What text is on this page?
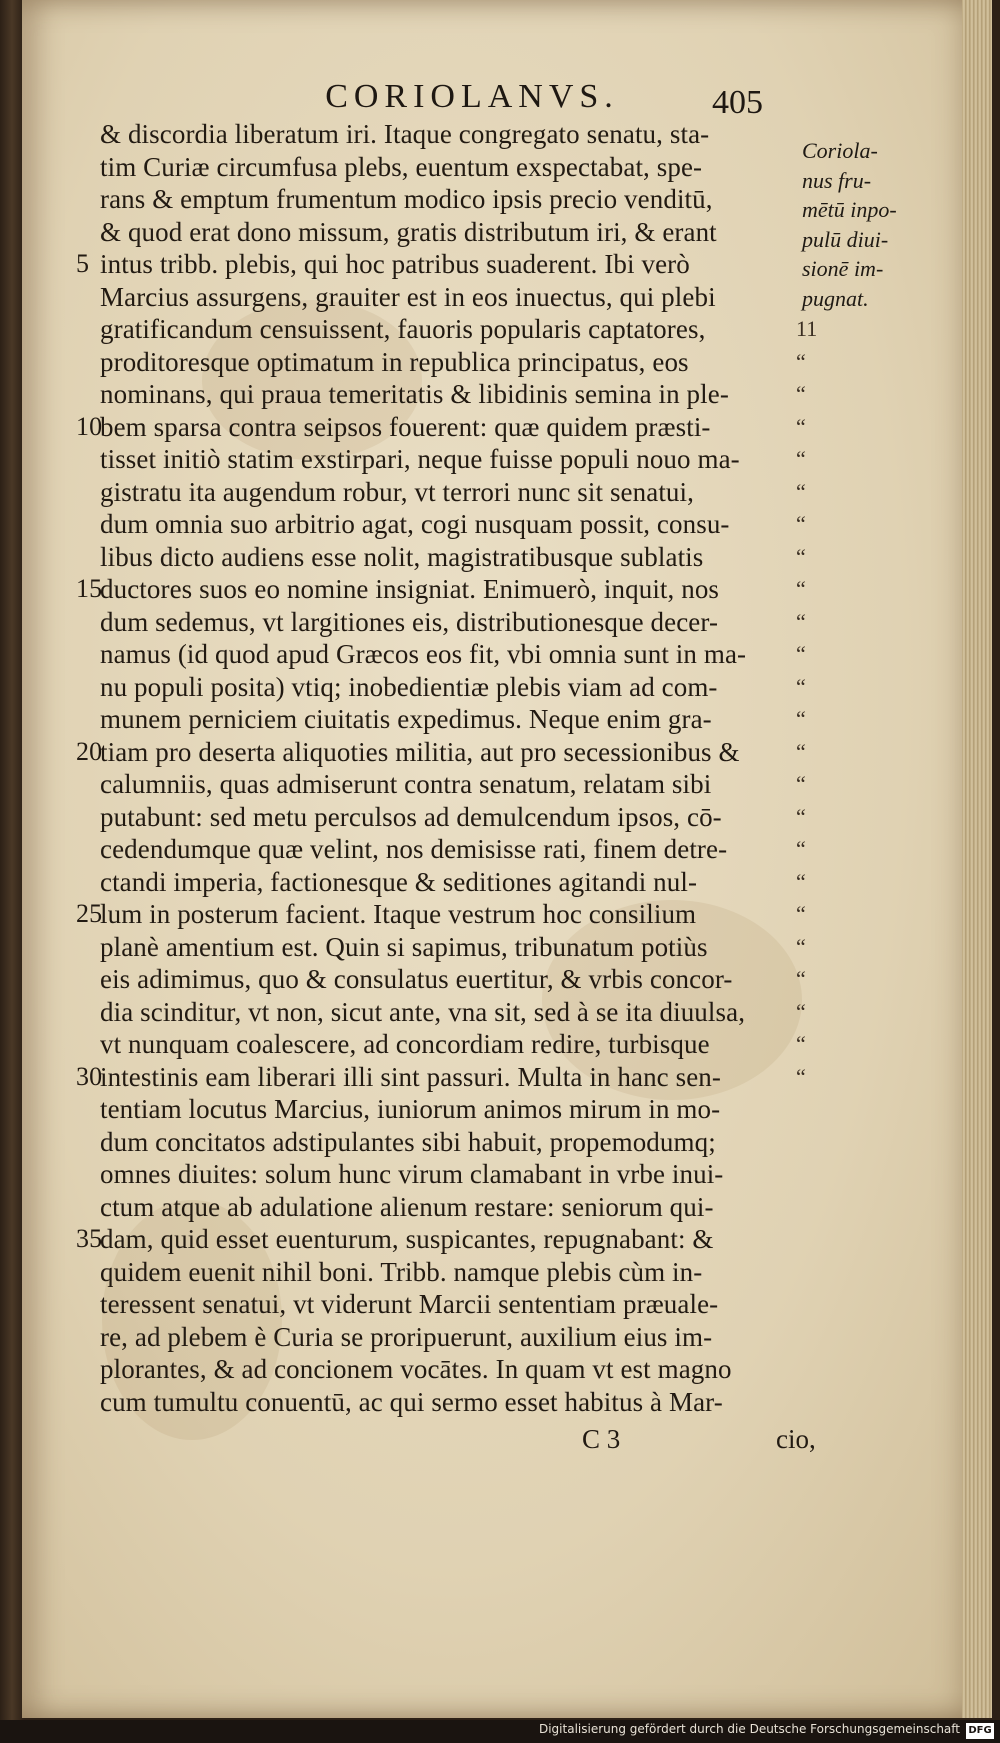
CORIOLANVS.	405
& discordia liberatum iri. Itaque congregato senatu, sta-
tim Curiæ circumfusa plebs, euentum exspectabat, spe-
rans & emptum frumentum modico ipsis precio venditū,
& quod erat dono missum, gratis distributum iri, & erant
5 intus tribb. plebis, qui hoc patribus suaderent. Ibi verò
Marcius assurgens, grauiter est in eos inuectus, qui plebi
gratificandum censuissent, fauoris popularis captatores,	11
proditoresque optimatum in republica principatus, eos	“
nominans, qui praua temeritatis & libidinis semina in ple-	“
10
bem sparsa contra seipsos fouerent: quæ quidem præsti-	“
tisset initiò statim exstirpari, neque fuisse populi nouo ma-	“
gistratu ita augendum robur, vt terrori nunc sit senatui,	“
dum omnia suo arbitrio agat, cogi nusquam possit, consu-	“
libus dicto audiens esse nolit, magistratibusque sublatis	“
15
ductores suos eo nomine insigniat. Enimuerò, inquit, nos	“
dum sedemus, vt largitiones eis, distributionesque decer-	“
namus (id quod apud Græcos eos fit, vbi omnia sunt in ma- “
nu populi posita) vtiq; inobedientiæ plebis viam ad com-	“
munem perniciem ciuitatis expedimus. Neque enim gra-	“
20
tiam pro deserta aliquoties militia, aut pro secessionibus &	“
calumniis, quas admiserunt contra senatum, relatam sibi	“
putabunt: sed metu perculsos ad demulcendum ipsos, cō-	“
cedendumque quæ velint, nos demisisse rati, finem detre-	“
ctandi imperia, factionesque & seditiones agitandi nul-	“
25
lum in posterum facient. Itaque vestrum hoc consilium	“
planè amentium est. Quin si sapimus, tribunatum potiùs	“
eis adimimus, quo & consulatus euertitur, & vrbis concor-	“
dia scinditur, vt non, sicut ante, vna sit, sed à se ita diuulsa, “
vt nunquam coalescere, ad concordiam redire, turbisque	“
30
intestinis eam liberari illi sint passuri. Multa in hanc sen-	“
tentiam locutus Marcius, iuniorum animos mirum in mo-
dum concitatos adstipulantes sibi habuit, propemodumq;
omnes diuites: solum hunc virum clamabant in vrbe inui-
ctum atque ab adulatione alienum restare: seniorum qui-
35
dam, quid esset euenturum, suspicantes, repugnabant: &
quidem euenit nihil boni. Tribb. namque plebis cùm in-
teressent senatui, vt viderunt Marcii sententiam præuale-
re, ad plebem è Curia se proripuerunt, auxilium eius im-
plorantes, & ad concionem vocātes. In quam vt est magno
cum tumultu conuentū, ac qui sermo esset habitus à Mar-
Coriola-
nus fru-
mētū inpo-
pulū diui-
sionē im-
pugnat.
C 3	cio,
Digitalisierung gefördert durch die Deutsche Forschungsgemeinschaft DFG
